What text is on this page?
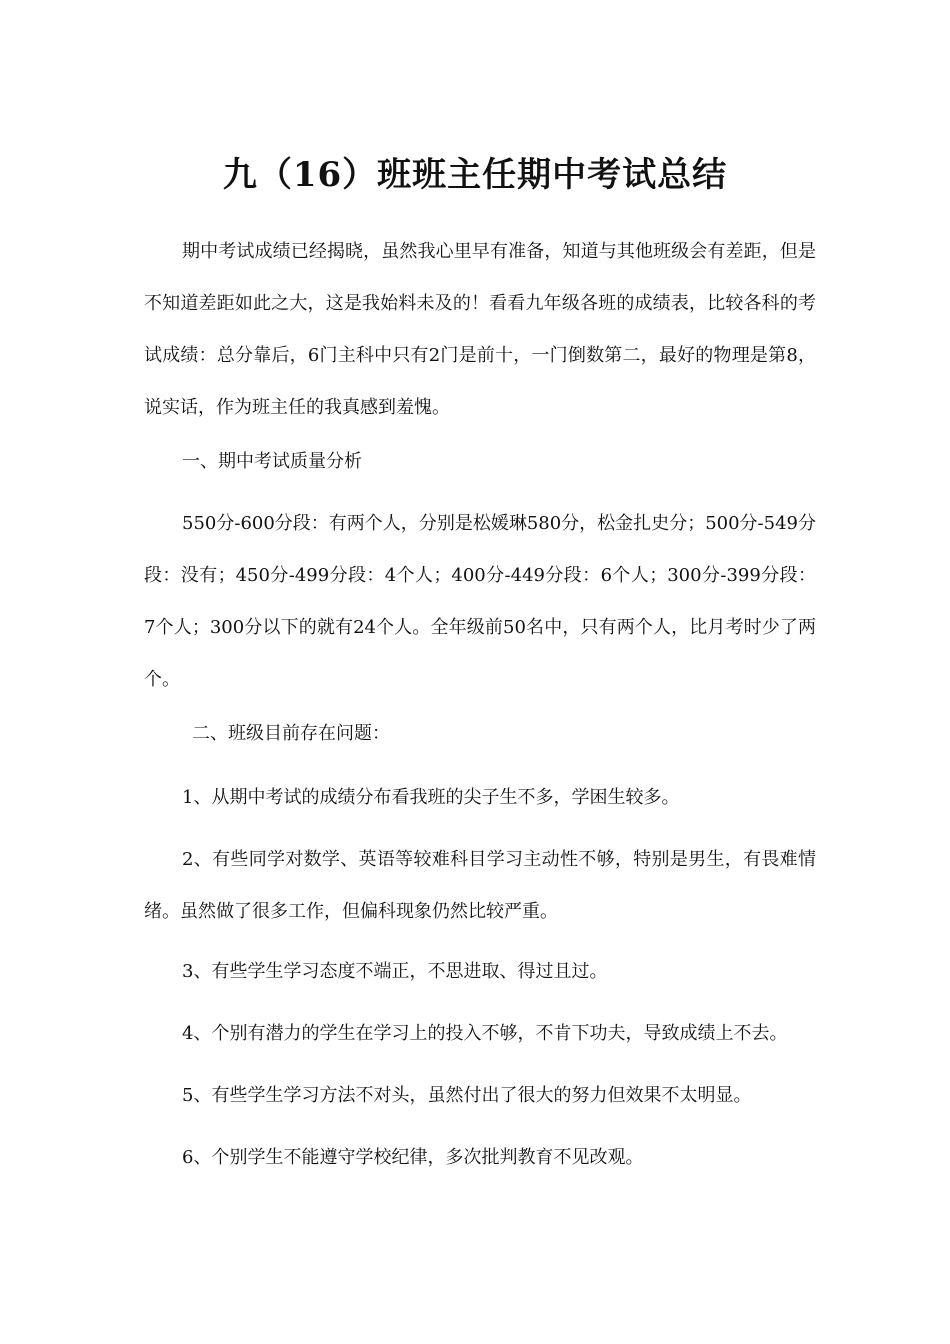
九（16）班班主任期中考试总结

期中考试成绩已经揭晓，虽然我心里早有准备，知道与其他班级会有差距，但是不知道差距如此之大，这是我始料未及的！看看九年级各班的成绩表，比较各科的考试成绩：总分靠后，6门主科中只有2门是前十，一门倒数第二，最好的物理是第8，说实话，作为班主任的我真感到羞愧。

一、期中考试质量分析

550分-600分段：有两个人，分别是松媛琳580分，松金扎史分；500分-549分段：没有；450分-499分段：4个人；400分-449分段：6个人；300分-399分段：7个人；300分以下的就有24个人。全年级前50名中，只有两个人，比月考时少了两个。

二、班级目前存在问题：

1、从期中考试的成绩分布看我班的尖子生不多，学困生较多。

2、有些同学对数学、英语等较难科目学习主动性不够，特别是男生，有畏难情绪。虽然做了很多工作，但偏科现象仍然比较严重。

3、有些学生学习态度不端正，不思进取、得过且过。

4、个别有潜力的学生在学习上的投入不够，不肯下功夫，导致成绩上不去。

5、有些学生学习方法不对头，虽然付出了很大的努力但效果不太明显。

6、个别学生不能遵守学校纪律，多次批判教育不见改观。
